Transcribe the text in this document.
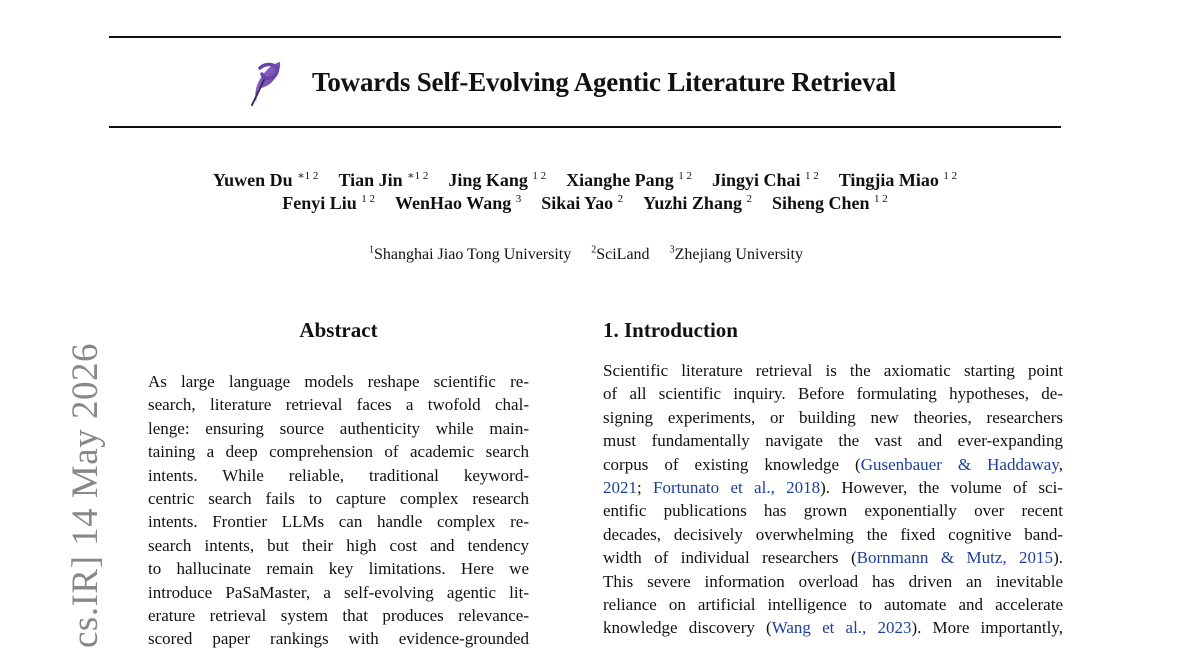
cs.IR] 14 May 2026
Towards Self-Evolving Agentic Literature Retrieval
Yuwen Du $^{∗1 2}$ Tian Jin $^{∗1 2}$ Jing Kang $^{1 2}$ Xianghe Pang $^{1 2}$ Jingyi Chai $^{1 2}$ Tingjia Miao $^{1 2}$
Fenyi Liu $^{1 2}$ WenHao Wang $^3$ Sikai Yao $^2$ Yuzhi Zhang $^2$ Siheng Chen $^{1 2}$
$^1$Shanghai Jiao Tong University $^2$SciLand $^3$Zhejiang University
Abstract
As large language models reshape scientific re-
search, literature retrieval faces a twofold chal-
lenge: ensuring source authenticity while main-
taining a deep comprehension of academic search
intents. While reliable, traditional keyword-
centric search fails to capture complex research
intents. Frontier LLMs can handle complex re-
search intents, but their high cost and tendency
to hallucinate remain key limitations. Here we
introduce PaSaMaster, a self-evolving agentic lit-
erature retrieval system that produces relevance-
scored paper rankings with evidence-grounded
1. Introduction
Scientific literature retrieval is the axiomatic starting point
of all scientific inquiry. Before formulating hypotheses, de-
signing experiments, or building new theories, researchers
must fundamentally navigate the vast and ever-expanding
corpus of existing knowledge (Gusenbauer & Haddaway,
2021; Fortunato et al., 2018). However, the volume of sci-
entific publications has grown exponentially over recent
decades, decisively overwhelming the fixed cognitive band-
width of individual researchers (Bornmann & Mutz, 2015).
This severe information overload has driven an inevitable
reliance on artificial intelligence to automate and accelerate
knowledge discovery (Wang et al., 2023). More importantly,
